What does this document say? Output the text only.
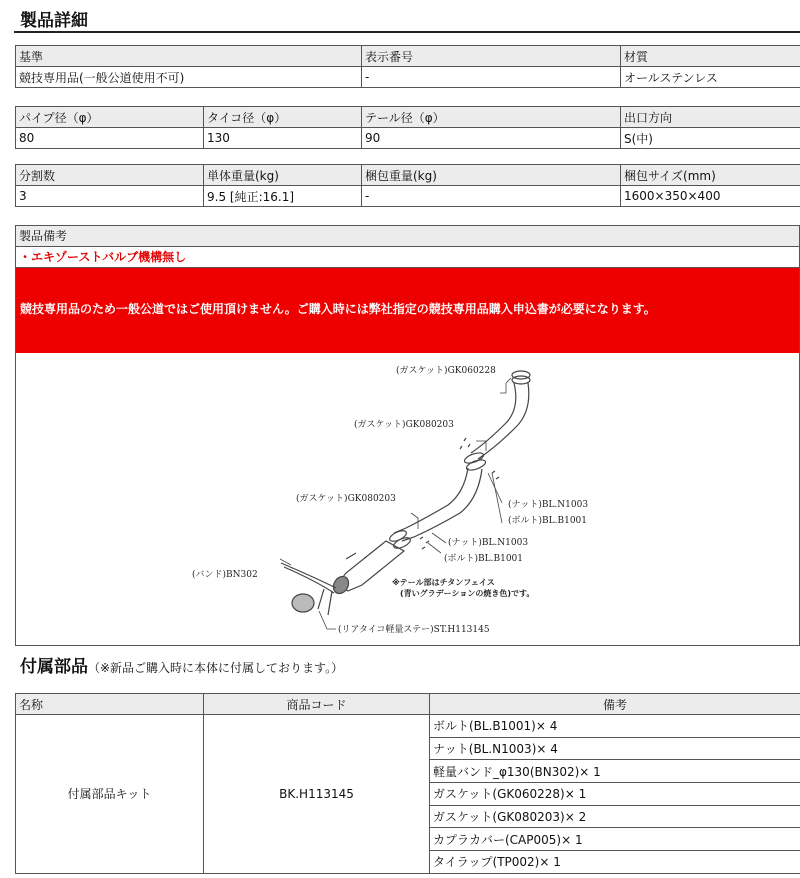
製品詳細
基準	表示番号	材質
競技専用品(一般公道使用不可)	-	オールステンレス
パイプ径（φ）	タイコ径（φ）	テール径（φ）	出口方向
80	130	90	S(中)
分割数	単体重量(kg)	梱包重量(kg)	梱包サイズ(mm)
3	9.5 [純正:16.1]	-	1600×350×400
製品備考
・エキゾーストバルブ機構無し
競技専用品のため一般公道ではご使用頂けません。ご購入時には弊社指定の競技専用品購入申込書が必要になります。
(ガスケット)GK060228
(ガスケット)GK080203
(ナット)BL.N1003
(ボルト)BL.B1001
(ガスケット)GK080203
(ナット)BL.N1003
(ボルト)BL.B1001
(バンド)BN302
(リアタイコ軽量ステー)ST.H113145
※テール部はチタンフェイス
(青いグラデーションの焼き色)です。
付属部品（※新品ご購入時に本体に付属しております。）
名称	商品コード	備考
付属部品キット	BK.H113145	ボルト(BL.B1001)× 4
		ナット(BL.N1003)× 4
		軽量バンド_φ130(BN302)× 1
		ガスケット(GK060228)× 1
		ガスケット(GK080203)× 2
		カプラカバー(CAP005)× 1
		タイラップ(TP002)× 1
